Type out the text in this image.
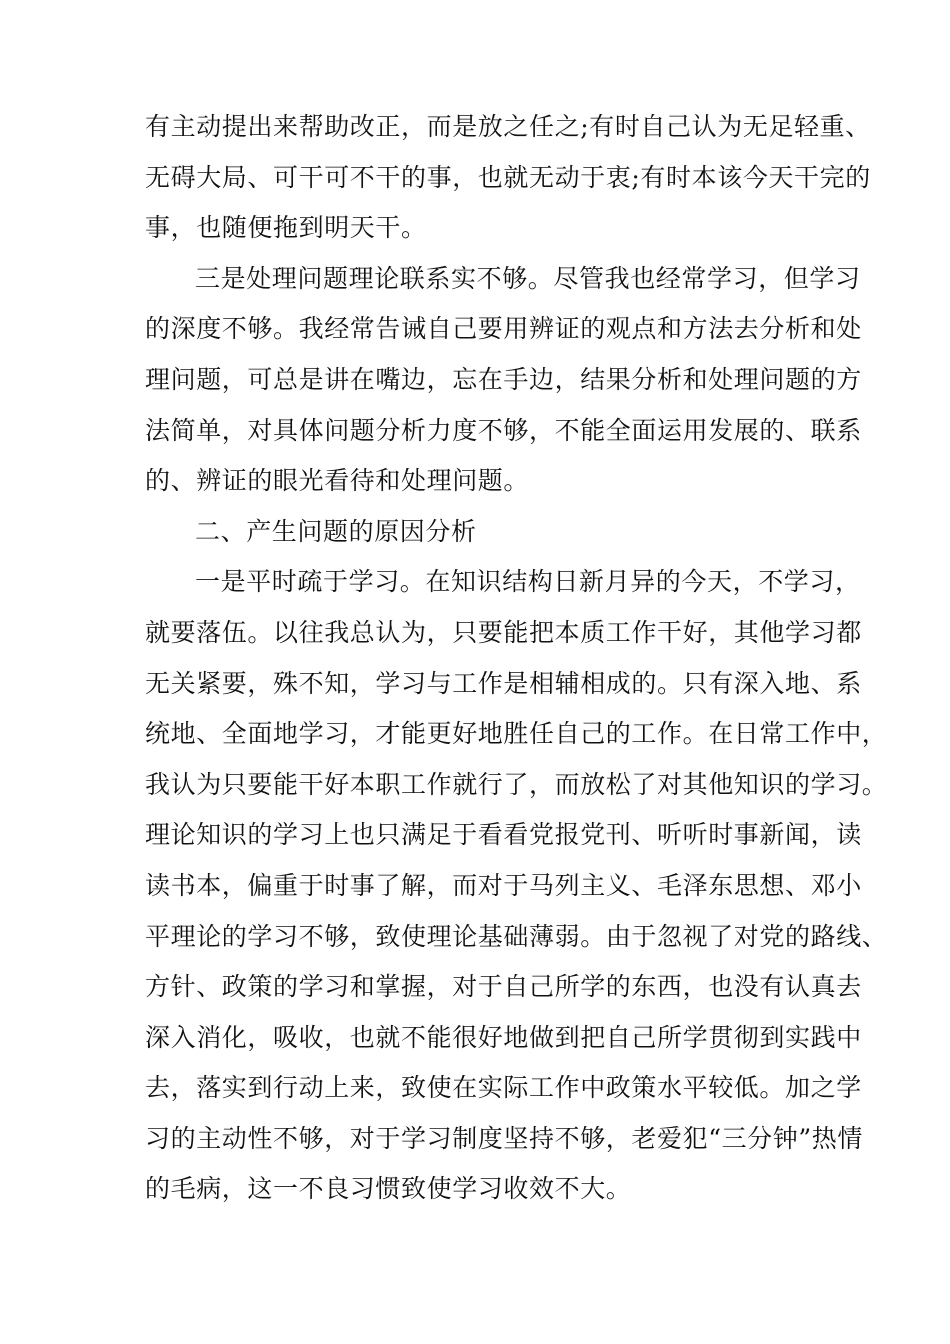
有主动提出来帮助改正，而是放之任之;有时自己认为无足轻重、
无碍大局、可干可不干的事，也就无动于衷;有时本该今天干完的
事，也随便拖到明天干。
三是处理问题理论联系实不够。尽管我也经常学习，但学习
的深度不够。我经常告诫自己要用辨证的观点和方法去分析和处
理问题，可总是讲在嘴边，忘在手边，结果分析和处理问题的方
法简单，对具体问题分析力度不够，不能全面运用发展的、联系
的、辨证的眼光看待和处理问题。
二、产生问题的原因分析
一是平时疏于学习。在知识结构日新月异的今天，不学习，
就要落伍。以往我总认为，只要能把本质工作干好，其他学习都
无关紧要，殊不知，学习与工作是相辅相成的。只有深入地、系
统地、全面地学习，才能更好地胜任自己的工作。在日常工作中，
我认为只要能干好本职工作就行了，而放松了对其他知识的学习。
理论知识的学习上也只满足于看看党报党刊、听听时事新闻，读
读书本，偏重于时事了解，而对于马列主义、毛泽东思想、邓小
平理论的学习不够，致使理论基础薄弱。由于忽视了对党的路线、
方针、政策的学习和掌握，对于自己所学的东西，也没有认真去
深入消化，吸收，也就不能很好地做到把自己所学贯彻到实践中
去，落实到行动上来，致使在实际工作中政策水平较低。加之学
习的主动性不够，对于学习制度坚持不够，老爱犯“三分钟”热情
的毛病，这一不良习惯致使学习收效不大。
